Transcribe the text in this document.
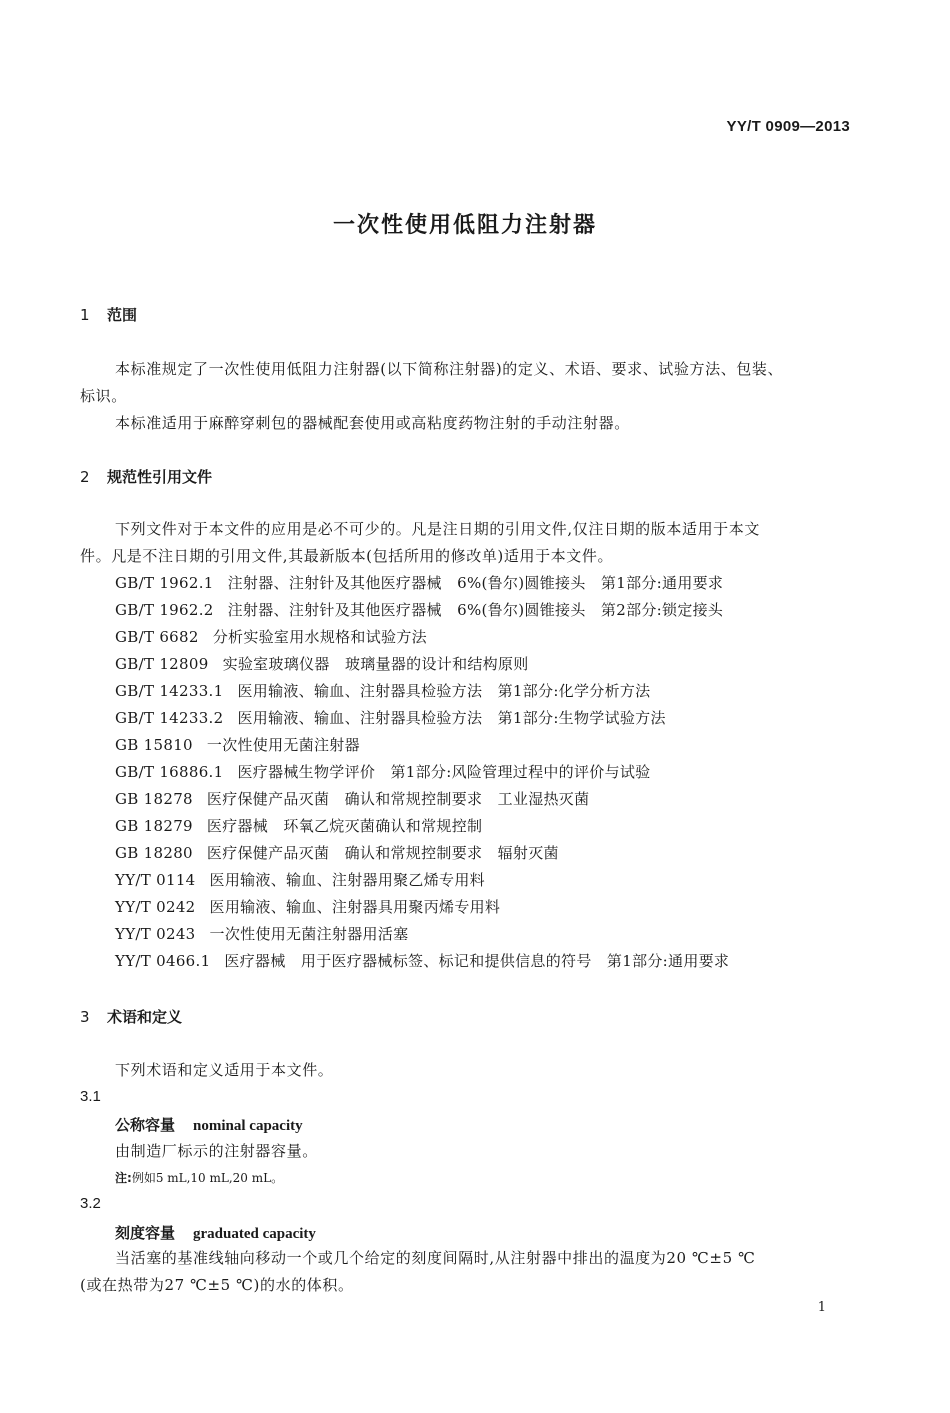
YY/T 0909—2013
一次性使用低阻力注射器
1 范围
本标准规定了一次性使用低阻力注射器(以下简称注射器)的定义、术语、要求、试验方法、包装、
标识。
本标准适用于麻醉穿刺包的器械配套使用或高粘度药物注射的手动注射器。
2 规范性引用文件
下列文件对于本文件的应用是必不可少的。凡是注日期的引用文件,仅注日期的版本适用于本文
件。凡是不注日期的引用文件,其最新版本(包括所用的修改单)适用于本文件。
GB/T 1962.1 注射器、注射针及其他医疗器械　6%(鲁尔)圆锥接头　第1部分:通用要求
GB/T 1962.2 注射器、注射针及其他医疗器械　6%(鲁尔)圆锥接头　第2部分:锁定接头
GB/T 6682 分析实验室用水规格和试验方法
GB/T 12809 实验室玻璃仪器　玻璃量器的设计和结构原则
GB/T 14233.1 医用输液、输血、注射器具检验方法　第1部分:化学分析方法
GB/T 14233.2 医用输液、输血、注射器具检验方法　第1部分:生物学试验方法
GB 15810 一次性使用无菌注射器
GB/T 16886.1 医疗器械生物学评价　第1部分:风险管理过程中的评价与试验
GB 18278 医疗保健产品灭菌　确认和常规控制要求　工业湿热灭菌
GB 18279 医疗器械　环氧乙烷灭菌确认和常规控制
GB 18280 医疗保健产品灭菌　确认和常规控制要求　辐射灭菌
YY/T 0114 医用输液、输血、注射器用聚乙烯专用料
YY/T 0242 医用输液、输血、注射器具用聚丙烯专用料
YY/T 0243 一次性使用无菌注射器用活塞
YY/T 0466.1 医疗器械　用于医疗器械标签、标记和提供信息的符号　第1部分:通用要求
3 术语和定义
下列术语和定义适用于本文件。
3.1
公称容量 nominal capacity
由制造厂标示的注射器容量。
注:例如5 mL,10 mL,20 mL。
3.2
刻度容量 graduated capacity
当活塞的基准线轴向移动一个或几个给定的刻度间隔时,从注射器中排出的温度为20 ℃±5 ℃
(或在热带为27 ℃±5 ℃)的水的体积。
1
